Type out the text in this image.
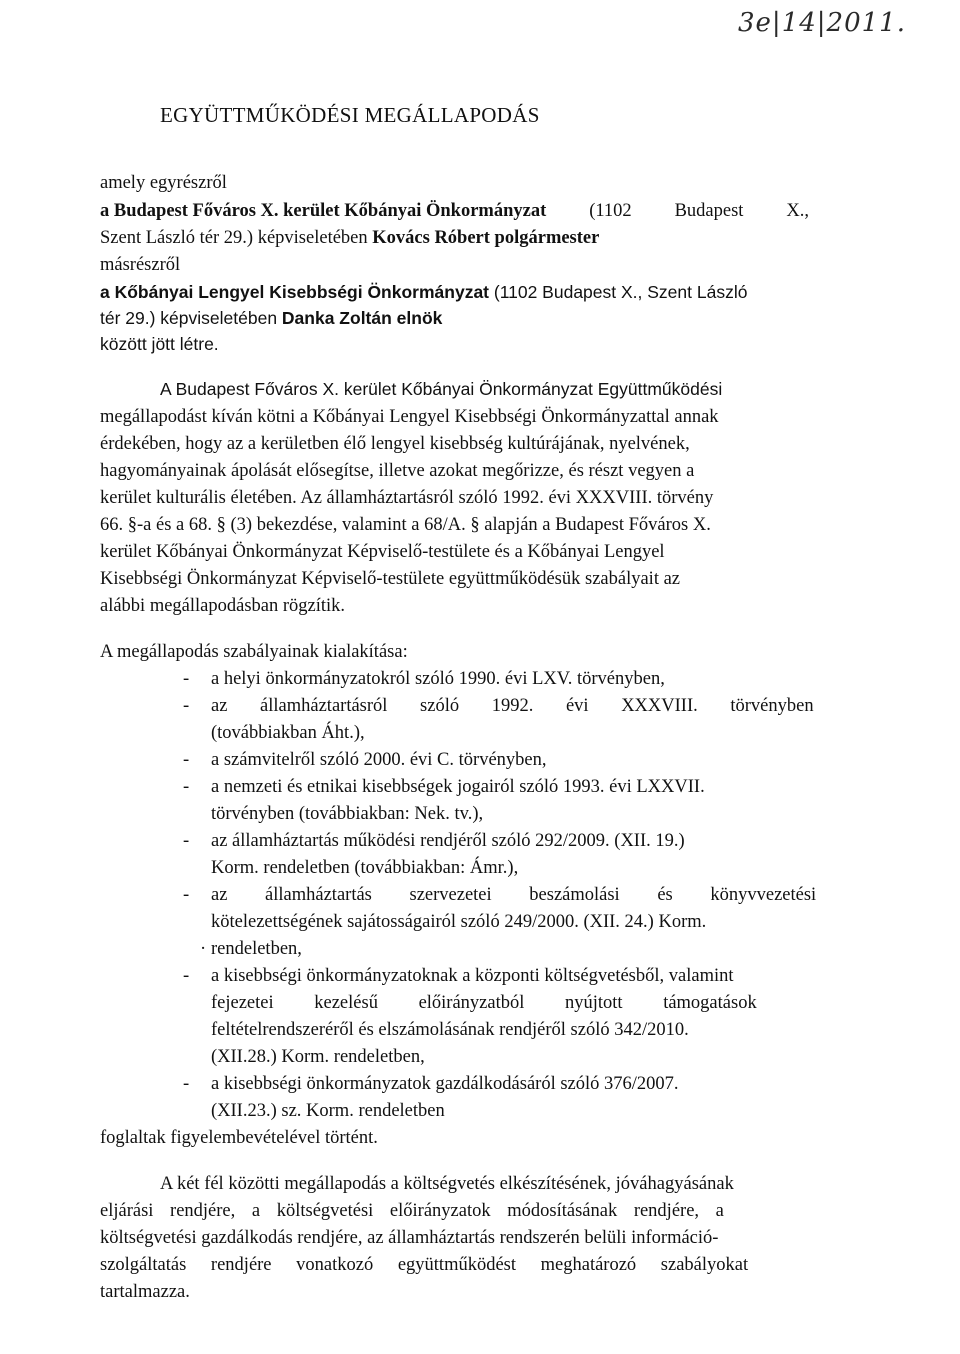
3e|14|2011.
EGYÜTTMŰKÖDÉSI MEGÁLLAPODÁS
amely egyrészről
a Budapest Főváros X. kerület Kőbányai Önkormányzat (1102 Budapest X.,
Szent László tér 29.) képviseletében Kovács Róbert polgármester
másrészről
a Kőbányai Lengyel Kisebbségi Önkormányzat (1102 Budapest X., Szent László
tér 29.) képviseletében Danka Zoltán elnök
között jött létre.
A Budapest Főváros X. kerület Kőbányai Önkormányzat Együttműködési
megállapodást kíván kötni a Kőbányai Lengyel Kisebbségi Önkormányzattal annak
érdekében, hogy az a kerületben élő lengyel kisebbség kultúrájának, nyelvének,
hagyományainak ápolását elősegítse, illetve azokat megőrizze, és részt vegyen a
kerület kulturális életében. Az államháztartásról szóló 1992. évi XXXVIII. törvény
66. §-a és a 68. § (3) bekezdése, valamint a 68/A. § alapján a Budapest Főváros X.
kerület Kőbányai Önkormányzat Képviselő-testülete és a Kőbányai Lengyel
Kisebbségi Önkormányzat Képviselő-testülete együttműködésük szabályait az
alábbi megállapodásban rögzítik.
A megállapodás szabályainak kialakítása:
- a helyi önkormányzatokról szóló 1990. évi LXV. törvényben,
- az államháztartásról szóló 1992. évi XXXVIII. törvényben
(továbbiakban Áht.),
- a számvitelről szóló 2000. évi C. törvényben,
- a nemzeti és etnikai kisebbségek jogairól szóló 1993. évi LXXVII.
törvényben (továbbiakban: Nek. tv.),
- az államháztartás működési rendjéről szóló 292/2009. (XII. 19.)
Korm. rendeletben (továbbiakban: Ámr.),
- az államháztartás szervezetei beszámolási és könyvvezetési
kötelezettségének sajátosságairól szóló 249/2000. (XII. 24.) Korm.
· rendeletben,
- a kisebbségi önkormányzatoknak a központi költségvetésből, valamint
fejezetei kezelésű előirányzatból nyújtott támogatások
feltételrendszeréről és elszámolásának rendjéről szóló 342/2010.
(XII.28.) Korm. rendeletben,
- a kisebbségi önkormányzatok gazdálkodásáról szóló 376/2007.
(XII.23.) sz. Korm. rendeletben
foglaltak figyelembevételével történt.
A két fél közötti megállapodás a költségvetés elkészítésének, jóváhagyásának
eljárási rendjére, a költségvetési előirányzatok módosításának rendjére, a
költségvetési gazdálkodás rendjére, az államháztartás rendszerén belüli információ-
szolgáltatás rendjére vonatkozó együttműködést meghatározó szabályokat
tartalmazza.
